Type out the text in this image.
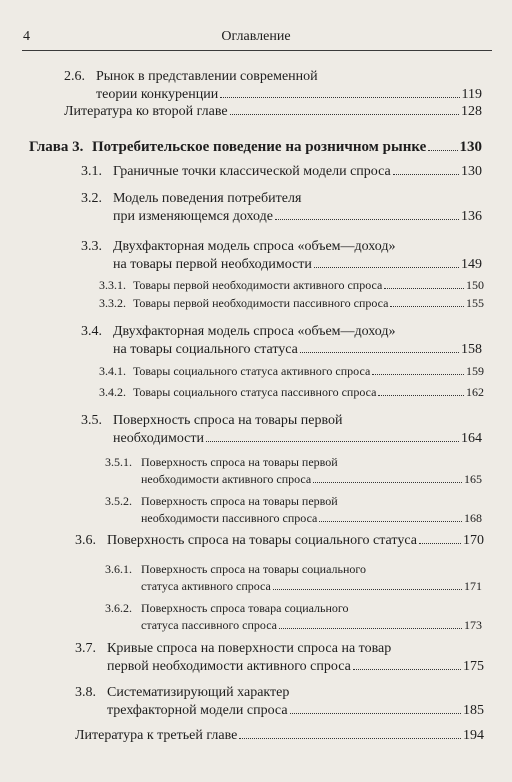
4	Оглавление
2.6. Рынок в представлении современной
теории конкуренции	119
Литература ко второй главе	128
Глава 3. Потребительское поведение на розничном рынке 130
3.1. Граничные точки классической модели спроса	130
3.2. Модель поведения потребителя
при изменяющемся доходе	136
3.3. Двухфакторная модель спроса «объем—доход»
на товары первой необходимости	149
3.3.1. Товары первой необходимости активного спроса	150
3.3.2. Товары первой необходимости пассивного спроса	155
3.4. Двухфакторная модель спроса «объем—доход»
на товары социального статуса	158
3.4.1. Товары социального статуса активного спроса	159
3.4.2. Товары социального статуса пассивного спроса	162
3.5. Поверхность спроса на товары первой
необходимости	164
3.5.1. Поверхность спроса на товары первой
необходимости активного спроса	165
3.5.2. Поверхность спроса на товары первой
необходимости пассивного спроса	168
3.6. Поверхность спроса на товары социального статуса	170
3.6.1. Поверхность спроса на товары социального
статуса активного спроса	171
3.6.2. Поверхность спроса товара социального
статуса пассивного спроса	173
3.7. Кривые спроса на поверхности спроса на товар
первой необходимости активного спроса	175
3.8. Систематизирующий характер
трехфакторной модели спроса	185
Литература к третьей главе	194
